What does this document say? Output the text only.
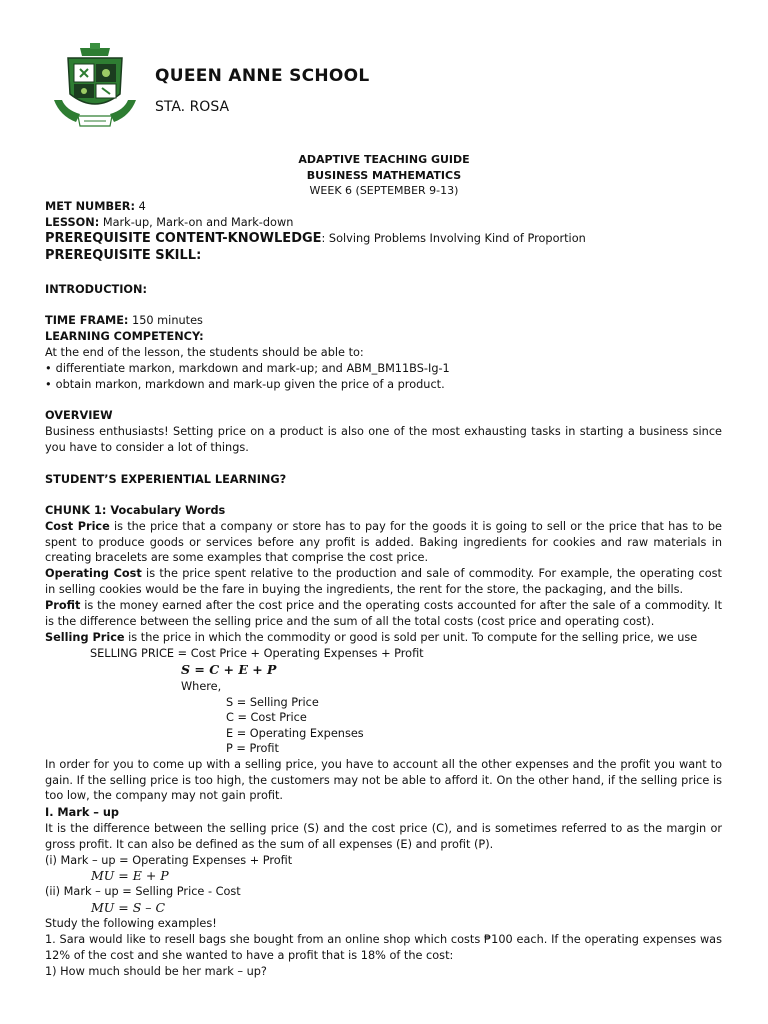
QUEEN ANNE SCHOOL
STA. ROSA
ADAPTIVE TEACHING GUIDE
BUSINESS MATHEMATICS
WEEK 6 (SEPTEMBER 9-13)
MET NUMBER: 4
LESSON: Mark-up, Mark-on and Mark-down
PREREQUISITE CONTENT-KNOWLEDGE: Solving Problems Involving Kind of Proportion
PREREQUISITE SKILL:
INTRODUCTION:
TIME FRAME: 150 minutes
LEARNING COMPETENCY:
At the end of the lesson, the students should be able to:
• differentiate markon, markdown and mark-up; and ABM_BM11BS-Ig-1
• obtain markon, markdown and mark-up given the price of a product.
OVERVIEW
Business enthusiasts! Setting price on a product is also one of the most exhausting tasks in starting a business since you have to consider a lot of things.
STUDENT’S EXPERIENTIAL LEARNING?
CHUNK 1: Vocabulary Words
Cost Price is the price that a company or store has to pay for the goods it is going to sell or the price that has to be spent to produce goods or services before any profit is added. Baking ingredients for cookies and raw materials in creating bracelets are some examples that comprise the cost price.
Operating Cost is the price spent relative to the production and sale of commodity. For example, the operating cost in selling cookies would be the fare in buying the ingredients, the rent for the store, the packaging, and the bills.
Profit is the money earned after the cost price and the operating costs accounted for after the sale of a commodity. It is the difference between the selling price and the sum of all the total costs (cost price and operating cost).
Selling Price is the price in which the commodity or good is sold per unit. To compute for the selling price, we use
SELLING PRICE = Cost Price + Operating Expenses + Profit
S = C + E + P
Where,
S = Selling Price
C = Cost Price
E = Operating Expenses
P = Profit
In order for you to come up with a selling price, you have to account all the other expenses and the profit you want to gain. If the selling price is too high, the customers may not be able to afford it. On the other hand, if the selling price is too low, the company may not gain profit.
I. Mark – up
It is the difference between the selling price (S) and the cost price (C), and is sometimes referred to as the margin or gross profit. It can also be defined as the sum of all expenses (E) and profit (P).
(i) Mark – up = Operating Expenses + Profit
MU = E + P
(ii) Mark – up = Selling Price - Cost
MU = S – C
Study the following examples!
1. Sara would like to resell bags she bought from an online shop which costs ₱100 each. If the operating expenses was 12% of the cost and she wanted to have a profit that is 18% of the cost:
1) How much should be her mark – up?
